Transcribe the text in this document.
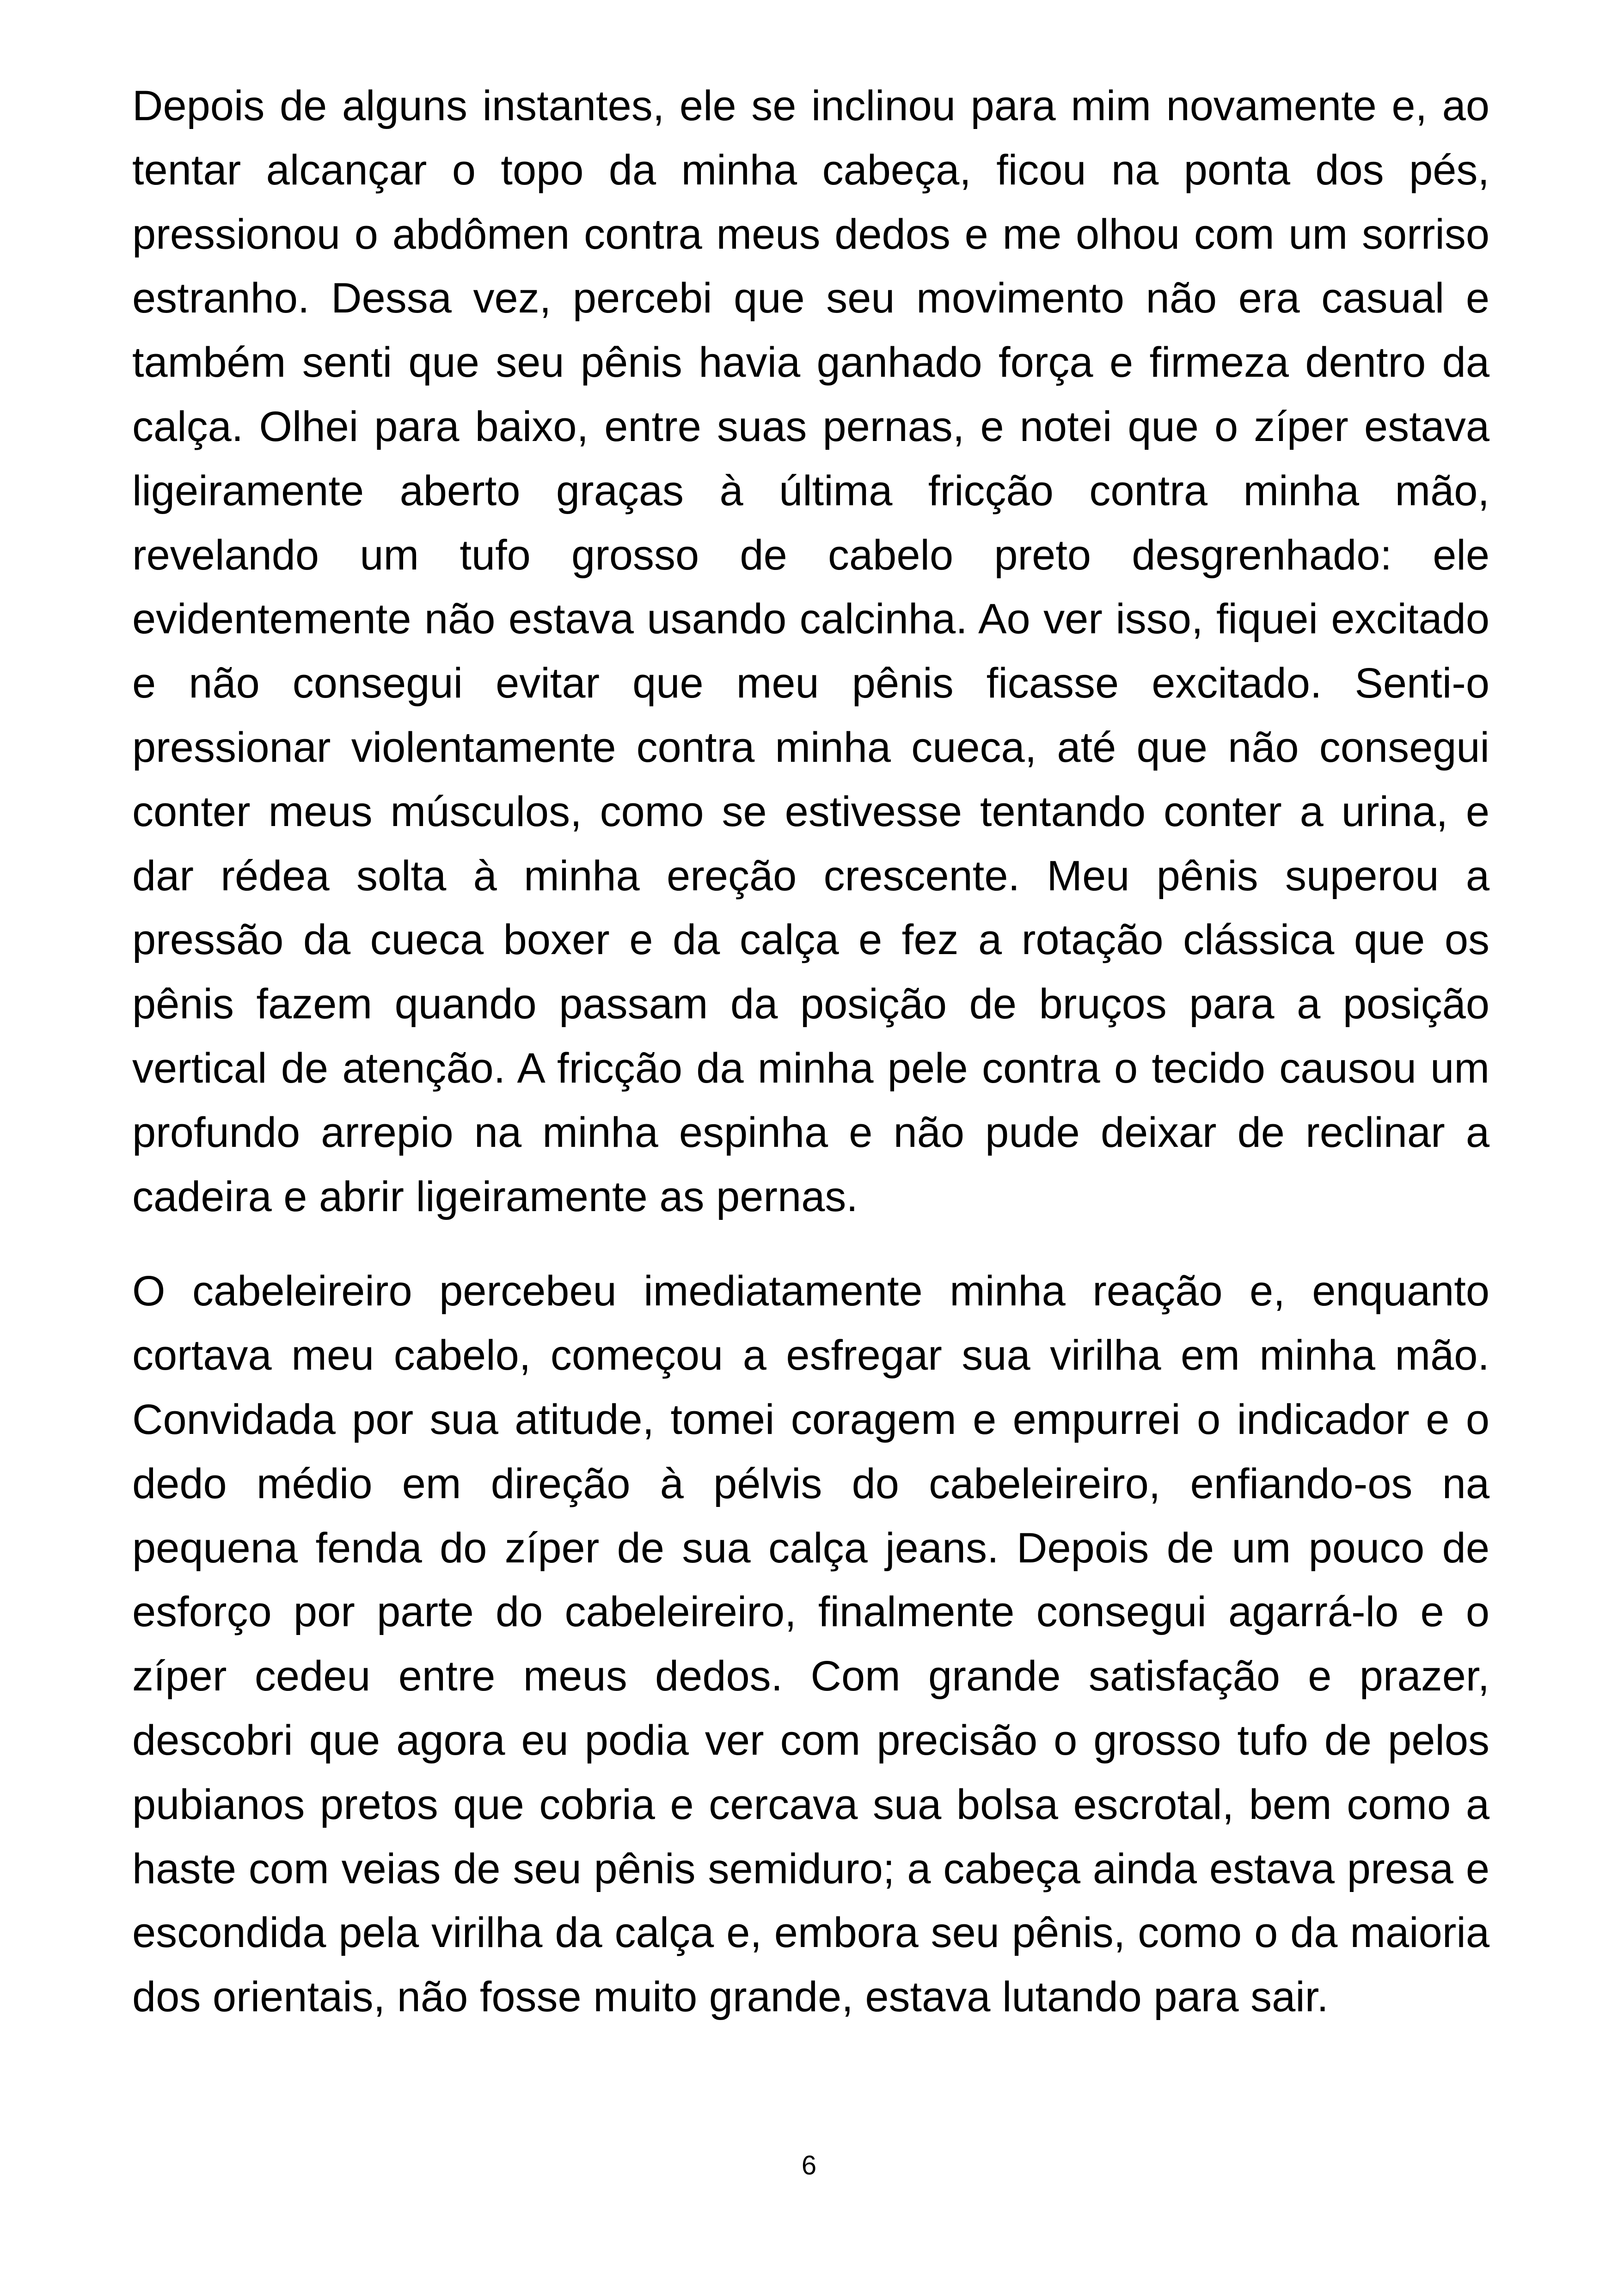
Depois de alguns instantes, ele se inclinou para mim novamente e, ao tentar alcançar o topo da minha cabeça, ficou na ponta dos pés, pressionou o abdômen contra meus dedos e me olhou com um sorriso estranho. Dessa vez, percebi que seu movimento não era casual e também senti que seu pênis havia ganhado força e firmeza dentro da calça. Olhei para baixo, entre suas pernas, e notei que o zíper estava ligeiramente aberto graças à última fricção contra minha mão, revelando um tufo grosso de cabelo preto desgrenhado: ele evidentemente não estava usando calcinha. Ao ver isso, fiquei excitado e não consegui evitar que meu pênis ficasse excitado. Senti-o pressionar violentamente contra minha cueca, até que não consegui conter meus músculos, como se estivesse tentando conter a urina, e dar rédea solta à minha ereção crescente. Meu pênis superou a pressão da cueca boxer e da calça e fez a rotação clássica que os pênis fazem quando passam da posição de bruços para a posição vertical de atenção. A fricção da minha pele contra o tecido causou um profundo arrepio na minha espinha e não pude deixar de reclinar a cadeira e abrir ligeiramente as pernas.

O cabeleireiro percebeu imediatamente minha reação e, enquanto cortava meu cabelo, começou a esfregar sua virilha em minha mão. Convidada por sua atitude, tomei coragem e empurrei o indicador e o dedo médio em direção à pélvis do cabeleireiro, enfiando-os na pequena fenda do zíper de sua calça jeans. Depois de um pouco de esforço por parte do cabeleireiro, finalmente consegui agarrá-lo e o zíper cedeu entre meus dedos. Com grande satisfação e prazer, descobri que agora eu podia ver com precisão o grosso tufo de pelos pubianos pretos que cobria e cercava sua bolsa escrotal, bem como a haste com veias de seu pênis semiduro; a cabeça ainda estava presa e escondida pela virilha da calça e, embora seu pênis, como o da maioria dos orientais, não fosse muito grande, estava lutando para sair.

6
